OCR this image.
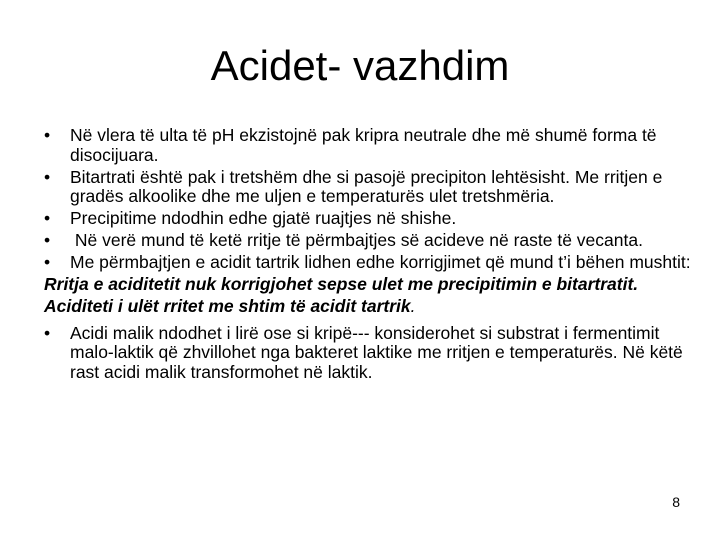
Acidet- vazhdim
•	Në vlera të ulta të pH ekzistojnë pak kripra neutrale dhe më shumë forma të disocijuara.
•	Bitartrati është pak i tretshëm dhe si pasojë precipiton lehtësisht. Me rritjen e gradës alkoolike dhe me uljen e temperaturës ulet tretshmëria.
•	Precipitime ndodhin edhe gjatë ruajtjes në shishe.
•	Në verë mund të ketë rritje të përmbajtjes së acideve në raste të vecanta.
•	Me përmbajtjen e acidit tartrik lidhen edhe korrigjimet që mund t’i bëhen mushtit:
Rritja e aciditetit nuk korrigjohet sepse ulet me precipitimin e bitartratit.
Aciditeti i ulët rritet me shtim të acidit tartrik.
•	Acidi malik ndodhet i lirë ose si kripë--- konsiderohet si substrat i fermentimit malo-laktik që zhvillohet nga bakteret laktike me rritjen e temperaturës. Në këtë rast acidi malik transformohet në laktik.
8
